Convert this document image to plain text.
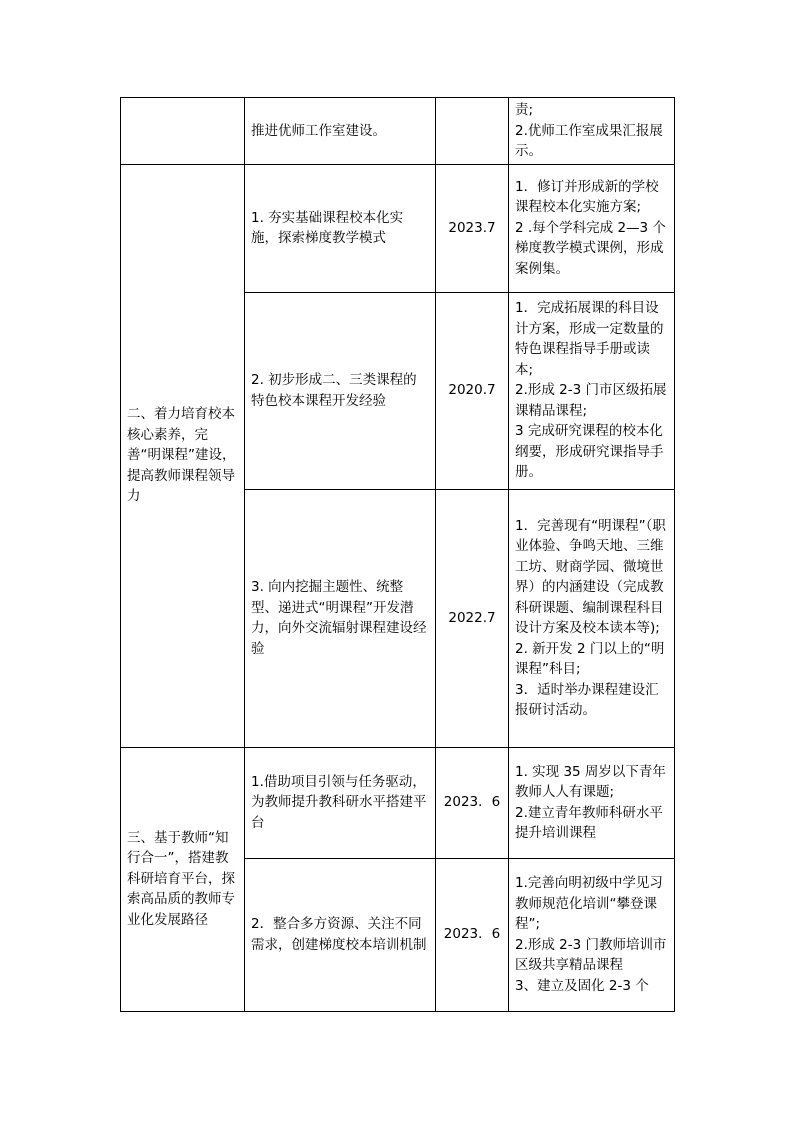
	推进优师工作室建设。		责;
2.优师工作室成果汇报展示。

二、着力培育校本核心素养，完善“明课程”建设，提高教师课程领导力	1. 夯实基础课程校本化实施，探索梯度教学模式	2023.7	1．修订并形成新的学校课程校本化实施方案;
2 .每个学科完成 2—3 个梯度教学模式课例，形成案例集。

	2. 初步形成二、三类课程的特色校本课程开发经验	2020.7	1．完成拓展课的科目设计方案，形成一定数量的特色课程指导手册或读本;
2.形成 2-3 门市区级拓展课精品课程;
3 完成研究课程的校本化纲要，形成研究课指导手册。

	3. 向内挖掘主题性、统整型、递进式“明课程”开发潜力，向外交流辐射课程建设经验	2022.7	1．完善现有“明课程”（职业体验、争鸣天地、三维工坊、财商学园、微境世界）的内涵建设（完成教科研课题、编制课程科目设计方案及校本读本等);
2. 新开发 2 门以上的“明课程”科目;
3．适时举办课程建设汇报研讨活动。

三、基于教师“知行合一”，搭建教科研培育平台，探索高品质的教师专业化发展路径	1.借助项目引领与任务驱动，为教师提升教科研水平搭建平台	2023．6	1. 实现 35 周岁以下青年教师人人有课题;
2.建立青年教师科研水平提升培训课程

	2．整合多方资源、关注不同需求，创建梯度校本培训机制	2023．6	1.完善向明初级中学见习教师规范化培训“攀登课程”;
2.形成 2-3 门教师培训市区级共享精品课程
3、建立及固化 2-3 个
